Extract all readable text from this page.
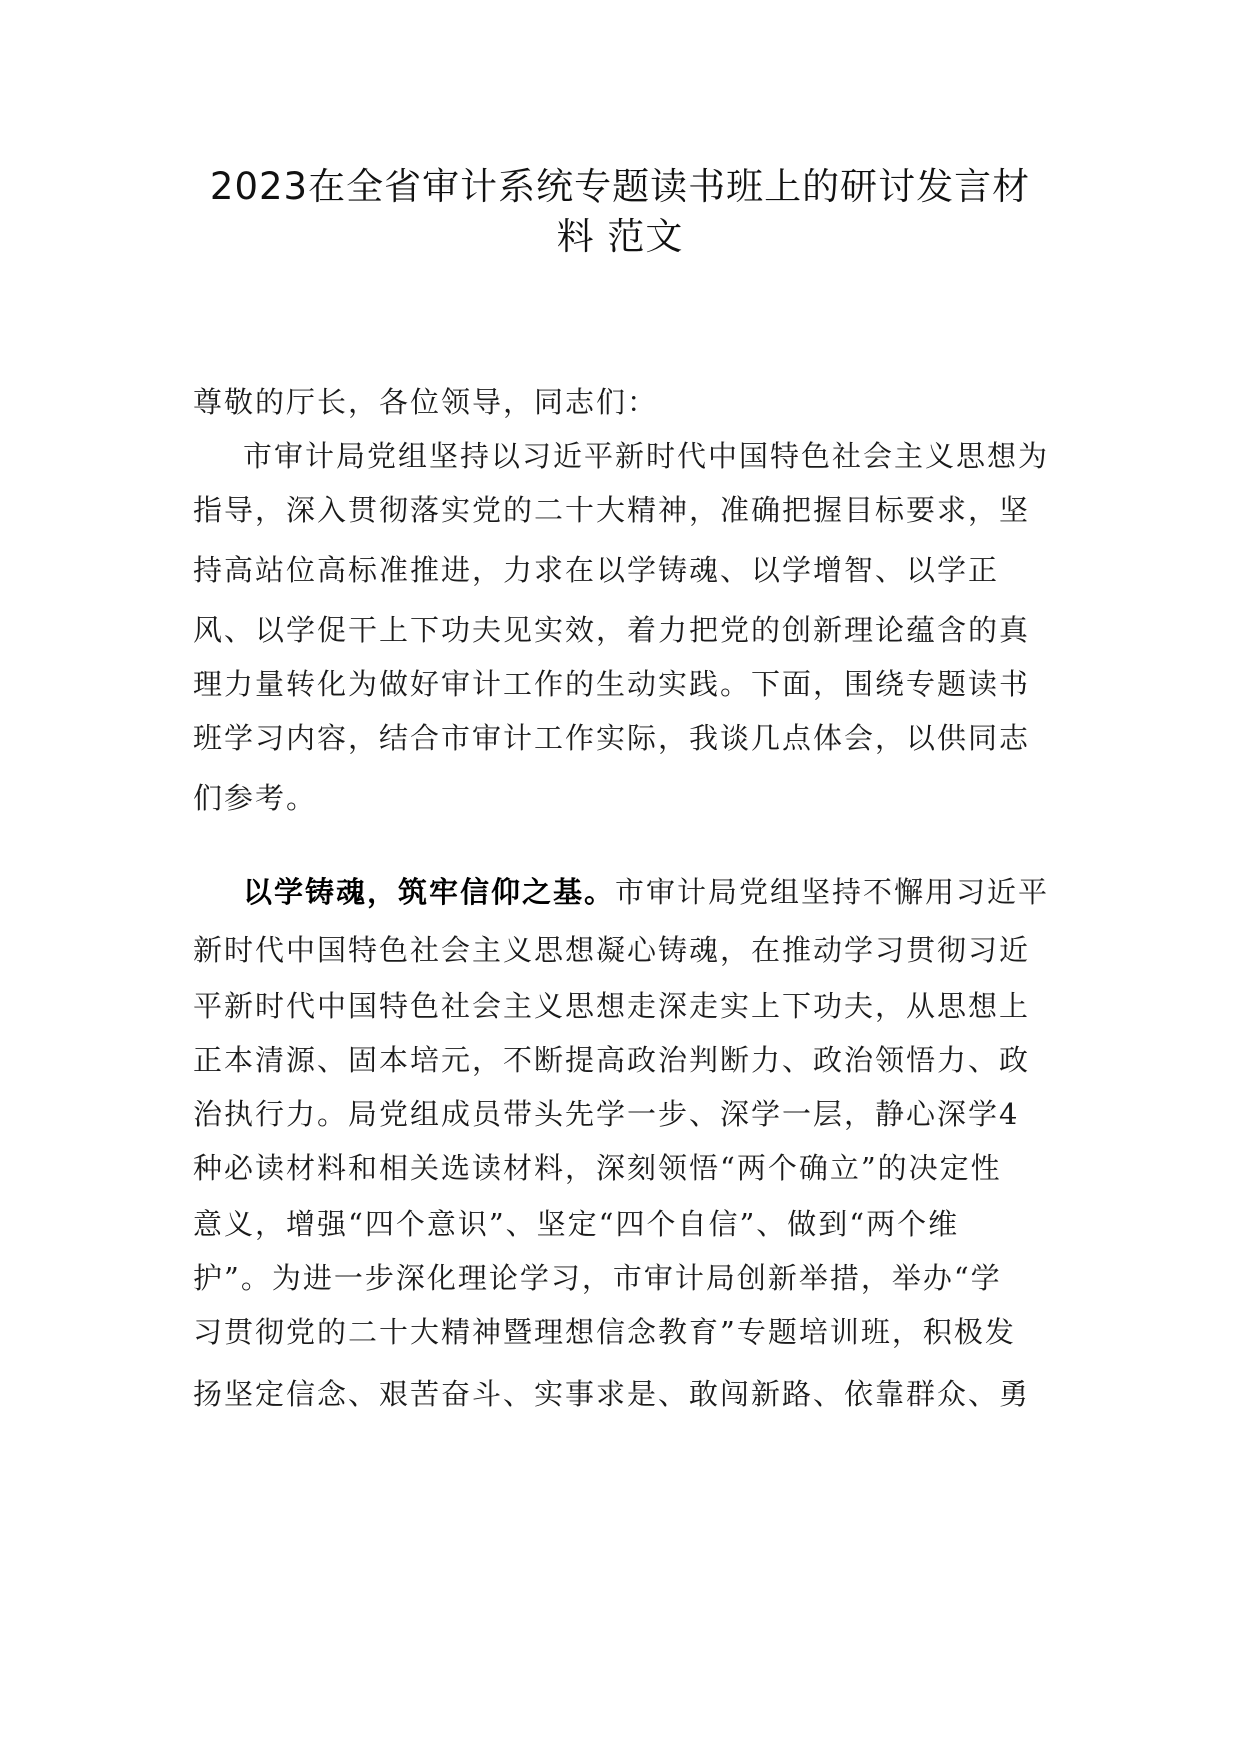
2023在全省审计系统专题读书班上的研讨发言材
料 范文
尊敬的厅长，各位领导，同志们：
市审计局党组坚持以习近平新时代中国特色社会主义思想为
指导，深入贯彻落实党的二十大精神，准确把握目标要求，坚
持高站位高标准推进，力求在以学铸魂、以学增智、以学正
风、以学促干上下功夫见实效，着力把党的创新理论蕴含的真
理力量转化为做好审计工作的生动实践。下面，围绕专题读书
班学习内容，结合市审计工作实际，我谈几点体会，以供同志
们参考。
以学铸魂，筑牢信仰之基。市审计局党组坚持不懈用习近平
新时代中国特色社会主义思想凝心铸魂，在推动学习贯彻习近
平新时代中国特色社会主义思想走深走实上下功夫，从思想上
正本清源、固本培元，不断提高政治判断力、政治领悟力、政
治执行力。局党组成员带头先学一步、深学一层，静心深学4
种必读材料和相关选读材料，深刻领悟“两个确立”的决定性
意义，增强“四个意识”、坚定“四个自信”、做到“两个维
护”。为进一步深化理论学习，市审计局创新举措，举办“学
习贯彻党的二十大精神暨理想信念教育”专题培训班，积极发
扬坚定信念、艰苦奋斗、实事求是、敢闯新路、依靠群众、勇
